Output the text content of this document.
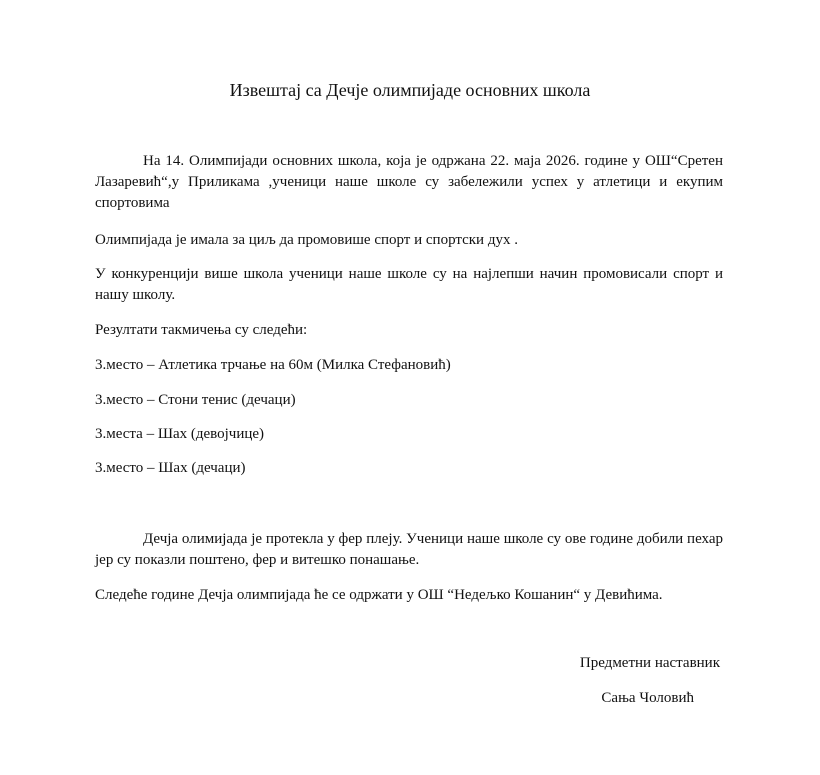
Извештај са Дечје олимпијаде основних школа

На 14. Олимпијади основних школа, која је одржана 22. маја 2026. године у ОШ“Сретен Лазаревић“,у Приликама ,ученици наше школе су забележили успех у атлетици и екупим спортовима

Олимпијада је имала за циљ да промовише спорт и спортски дух .

У конкуренцији више школа ученици наше школе су на најлепши начин промовисали спорт и нашу школу.

Резултати такмичења су следећи:

3.место – Атлетика трчање на 60м (Милка Стефановић)

3.место – Стони тенис (дечаци)

3.места – Шах (девојчице)

3.место – Шах (дечаци)

Дечја олимијада је протекла у фер плеју. Ученици наше школе су ове године добили пехар јер су показли поштено, фер и витешко понашање.

Следеће године Дечја олимпијада ће се одржати у ОШ “Недељко Кошанин“ у Девићима.

Предметни наставник
Сања Чоловић
